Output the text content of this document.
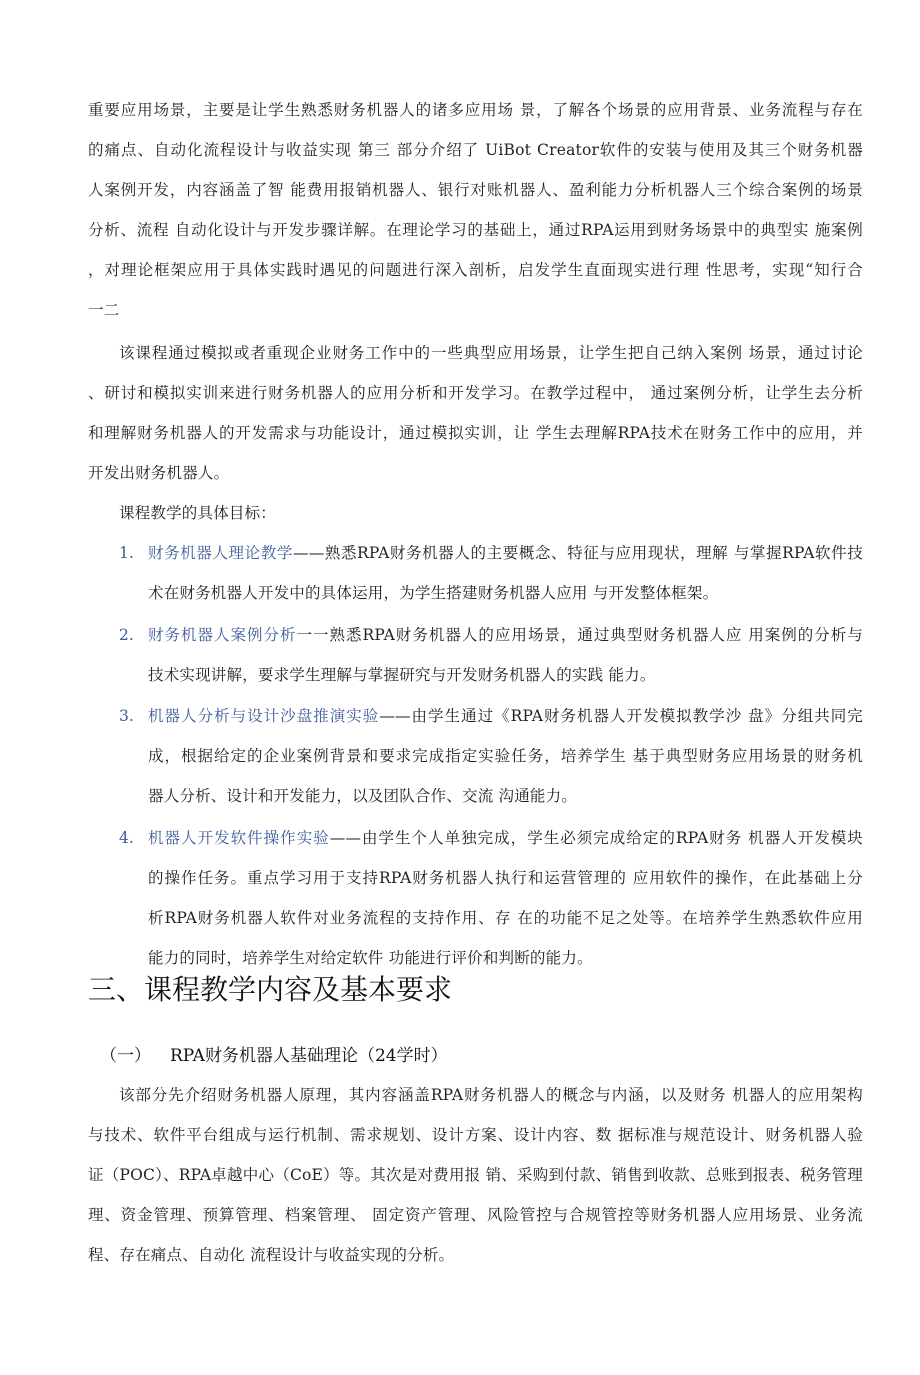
重要应用场景，主要是让学生熟悉财务机器人的诸多应用场 景，了解各个场景的应用背景、业务流程与存在
的痛点、自动化流程设计与收益实现 第三 部分介绍了 UiBot Creator软件的安装与使用及其三个财务机器
人案例开发，内容涵盖了智 能费用报销机器人、银行对账机器人、盈利能力分析机器人三个综合案例的场景
分析、流程 自动化设计与开发步骤详解。在理论学习的基础上，通过RPA运用到财务场景中的典型实 施案例
，对理论框架应用于具体实践时遇见的问题进行深入剖析，启发学生直面现实进行理 性思考，实现“知行合
一二
该课程通过模拟或者重现企业财务工作中的一些典型应用场景，让学生把自己纳入案例 场景，通过讨论
、研讨和模拟实训来进行财务机器人的应用分析和开发学习。在教学过程中， 通过案例分析，让学生去分析
和理解财务机器人的开发需求与功能设计，通过模拟实训，让 学生去理解RPA技术在财务工作中的应用，并
开发出财务机器人。
课程教学的具体目标：
1. 财务机器人理论教学——熟悉RPA财务机器人的主要概念、特征与应用现状，理解 与掌握RPA软件技
术在财务机器人开发中的具体运用，为学生搭建财务机器人应用 与开发整体框架。
2. 财务机器人案例分析一一熟悉RPA财务机器人的应用场景，通过典型财务机器人应 用案例的分析与
技术实现讲解，要求学生理解与掌握研究与开发财务机器人的实践 能力。
3. 机器人分析与设计沙盘推演实验——由学生通过《RPA财务机器人开发模拟教学沙 盘》分组共同完
成，根据给定的企业案例背景和要求完成指定实验任务，培养学生 基于典型财务应用场景的财务机
器人分析、设计和开发能力，以及团队合作、交流 沟通能力。
4. 机器人开发软件操作实验——由学生个人单独完成，学生必须完成给定的RPA财务 机器人开发模块
的操作任务。重点学习用于支持RPA财务机器人执行和运营管理的 应用软件的操作，在此基础上分
析RPA财务机器人软件对业务流程的支持作用、存 在的功能不足之处等。在培养学生熟悉软件应用
能力的同时，培养学生对给定软件 功能进行评价和判断的能力。
三、课程教学内容及基本要求
（一） RPA财务机器人基础理论（24学时）
该部分先介绍财务机器人原理，其内容涵盖RPA财务机器人的概念与内涵，以及财务 机器人的应用架构
与技术、软件平台组成与运行机制、需求规划、设计方案、设计内容、数 据标准与规范设计、财务机器人验
证（POC）、RPA卓越中心（CoE）等。其次是对费用报 销、采购到付款、销售到收款、总账到报表、税务管理
理、资金管理、预算管理、档案管理、 固定资产管理、风险管控与合规管控等财务机器人应用场景、业务流
程、存在痛点、自动化 流程设计与收益实现的分析。
